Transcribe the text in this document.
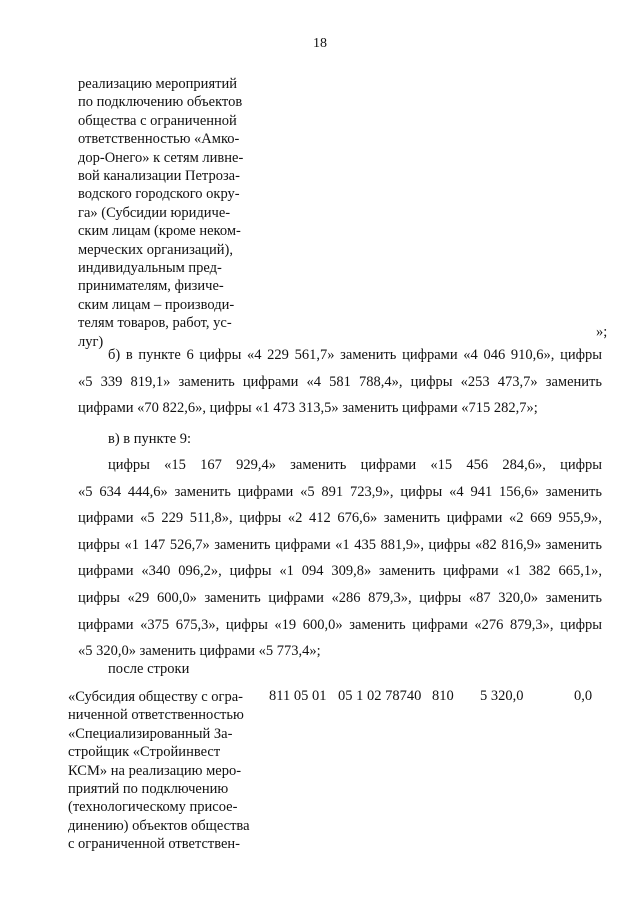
18
реализацию мероприятий
по подключению объектов
общества с ограниченной
ответственностью «Амко-
дор-Онего» к сетям ливне-
вой канализации Петроза-
водского городского окру-
га» (Субсидии юридиче-
ским лицам (кроме неком-
мерческих организаций),
индивидуальным пред-
принимателям, физиче-
ским лицам – производи-
телям товаров, работ, ус-
луг)
»;
б) в пункте 6 цифры «4 229 561,7» заменить цифрами «4 046 910,6», цифры
«5 339 819,1» заменить цифрами «4 581 788,4», цифры «253 473,7» заменить
цифрами «70 822,6», цифры «1 473 313,5» заменить цифрами «715 282,7»;
в) в пункте 9:
цифры «15 167 929,4» заменить цифрами «15 456 284,6», цифры
«5 634 444,6» заменить цифрами «5 891 723,9», цифры «4 941 156,6» заменить
цифрами «5 229 511,8», цифры «2 412 676,6» заменить цифрами «2 669 955,9»,
цифры «1 147 526,7» заменить цифрами «1 435 881,9», цифры «82 816,9» заменить
цифрами «340 096,2», цифры «1 094 309,8» заменить цифрами «1 382 665,1»,
цифры «29 600,0» заменить цифрами «286 879,3», цифры «87 320,0» заменить
цифрами «375 675,3», цифры «19 600,0» заменить цифрами «276 879,3», цифры
«5 320,0» заменить цифрами «5 773,4»;
после строки
«Субсидия обществу с огра-
ниченной ответственностью
«Специализированный За-
стройщик «Стройинвест
КСМ» на реализацию меро-
приятий по подключению
(технологическому присое-
динению) объектов общества
с ограниченной ответствен-
811 05 01 05 1 02 78740 810 5 320,0	0,0
